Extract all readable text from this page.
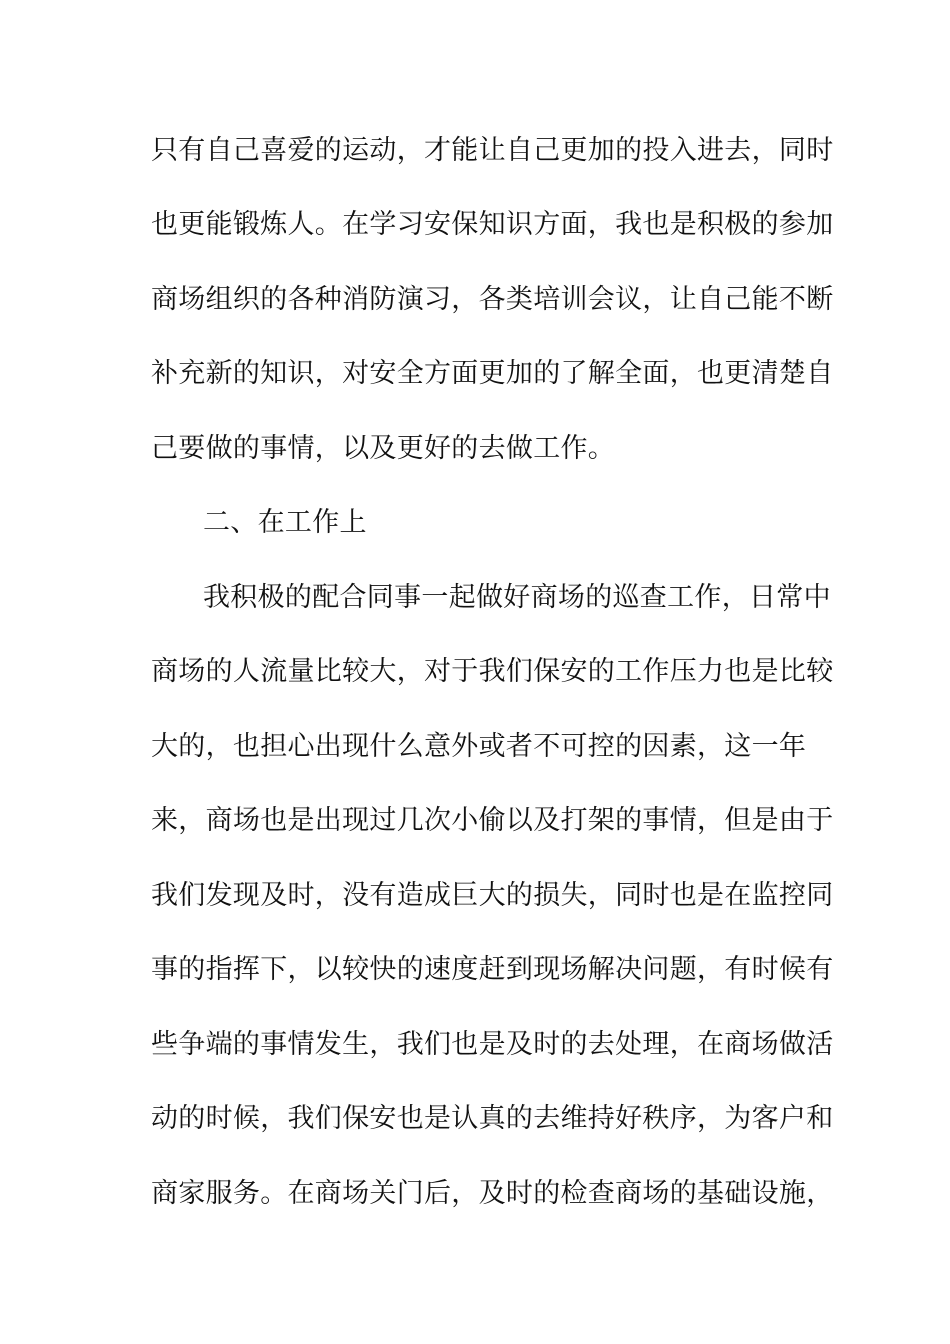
只有自己喜爱的运动，才能让自己更加的投入进去，同时
也更能锻炼人。在学习安保知识方面，我也是积极的参加
商场组织的各种消防演习，各类培训会议，让自己能不断
补充新的知识，对安全方面更加的了解全面，也更清楚自
己要做的事情，以及更好的去做工作。
二、在工作上
我积极的配合同事一起做好商场的巡查工作，日常中
商场的人流量比较大，对于我们保安的工作压力也是比较
大的，也担心出现什么意外或者不可控的因素，这一年
来，商场也是出现过几次小偷以及打架的事情，但是由于
我们发现及时，没有造成巨大的损失，同时也是在监控同
事的指挥下，以较快的速度赶到现场解决问题，有时候有
些争端的事情发生，我们也是及时的去处理，在商场做活
动的时候，我们保安也是认真的去维持好秩序，为客户和
商家服务。在商场关门后，及时的检查商场的基础设施，
